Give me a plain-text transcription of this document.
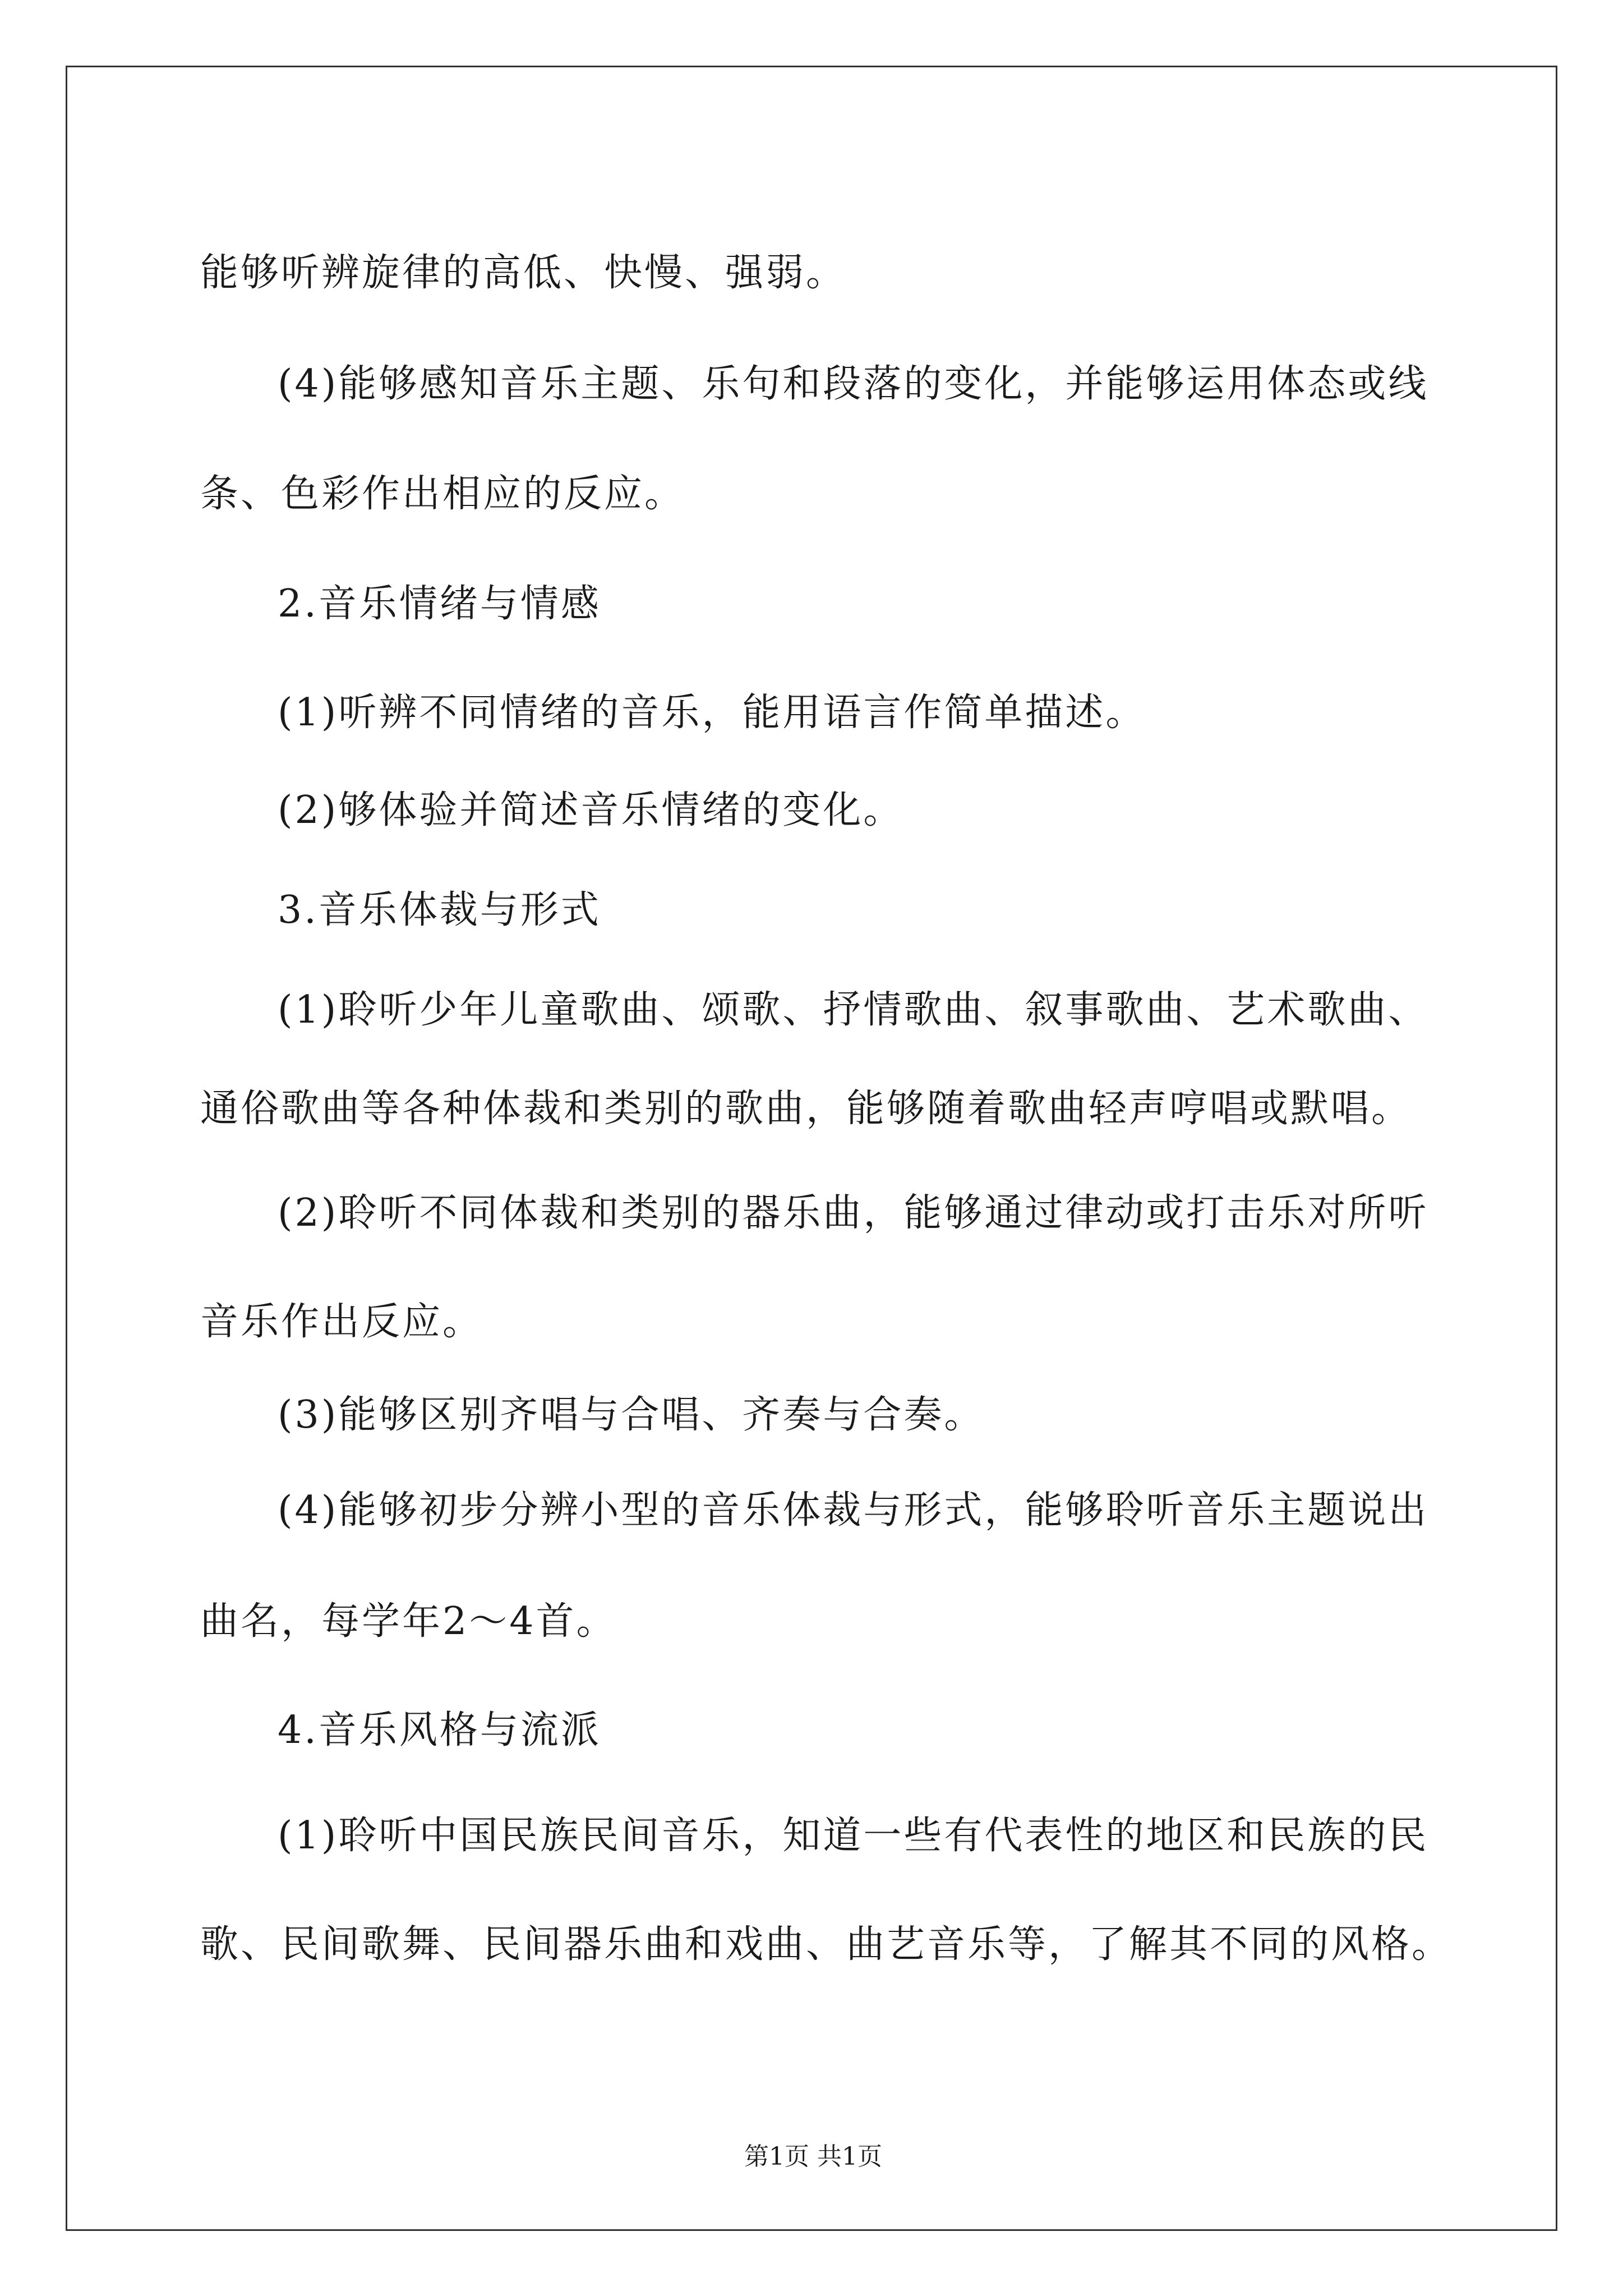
能够听辨旋律的高低、快慢、强弱。
(4)能够感知音乐主题、乐句和段落的变化，并能够运用体态或线
条、色彩作出相应的反应。
2.音乐情绪与情感
(1)听辨不同情绪的音乐，能用语言作简单描述。
(2)够体验并简述音乐情绪的变化。
3.音乐体裁与形式
(1)聆听少年儿童歌曲、颂歌、抒情歌曲、叙事歌曲、艺术歌曲、
通俗歌曲等各种体裁和类别的歌曲，能够随着歌曲轻声哼唱或默唱。
(2)聆听不同体裁和类别的器乐曲，能够通过律动或打击乐对所听
音乐作出反应。
(3)能够区别齐唱与合唱、齐奏与合奏。
(4)能够初步分辨小型的音乐体裁与形式，能够聆听音乐主题说出
曲名，每学年2～4首。
4.音乐风格与流派
(1)聆听中国民族民间音乐，知道一些有代表性的地区和民族的民
歌、民间歌舞、民间器乐曲和戏曲、曲艺音乐等，了解其不同的风格。
第1页 共1页
